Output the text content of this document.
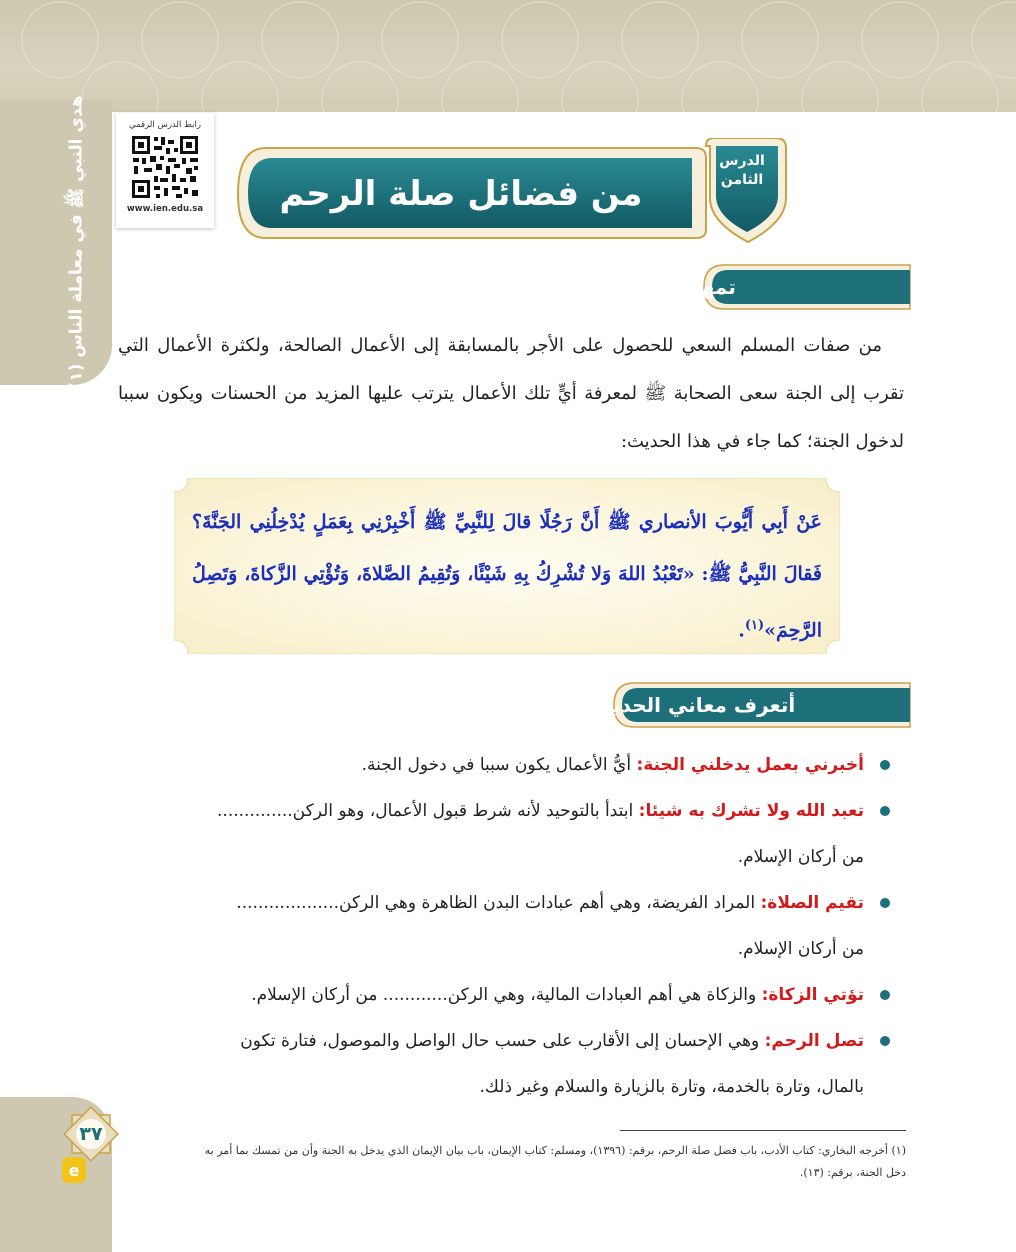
هدي النبي ﷺ في معاملة الناس (١)	رابط الدرس الرقمي
www.ien.edu.sa	من فضائل صلة الرحم
الدرس
الثامن
تمهيد:

من صفات المسلم السعي للحصول على الأجر بالمسابقة إلى الأعمال الصالحة، ولكثرة الأعمال التي تقرب إلى الجنة سعى الصحابة ﷺ لمعرفة أيٍّ تلك الأعمال يترتب عليها المزيد من الحسنات ويكون سببا لدخول الجنة؛ كما جاء في هذا الحديث:

عَنْ أَبِي أَيُّوبَ الأنصاري ﷺ أَنَّ رَجُلًا قالَ لِلنَّبِيِّ ﷺ أَخْبِرْنِي بِعَمَلٍ يُدْخِلُنِي الجَنَّةَ؟ فَقالَ النَّبِيُّ ﷺ: «تَعْبُدُ اللهَ وَلا تُشْرِكُ بِهِ شَيْئًا، وَتُقِيمُ الصَّلاةَ، وَتُؤْتِي الزَّكاةَ، وَتَصِلُ الرَّحِمَ»$^{(١)}$.
أتعرف معاني الحديث:
أخبرني بعمل يدخلني الجنة: أيُّ الأعمال يكون سببا في دخول الجنة.
تعبد الله ولا تشرك به شيئا: ابتدأ بالتوحيد لأنه شرط قبول الأعمال، وهو الركن..............
من أركان الإسلام.
تقيم الصلاة: المراد الفريضة، وهي أهم عبادات البدن الظاهرة وهي الركن...................
من أركان الإسلام.
تؤتي الزكاة: والزكاة هي أهم العبادات المالية، وهي الركن............ من أركان الإسلام.
تصل الرحم: وهي الإحسان إلى الأقارب على حسب حال الواصل والموصول، فتارة تكون
بالمال، وتارة بالخدمة، وتارة بالزيارة والسلام وغير ذلك.

(١) أخرجه البخاري: كتاب الأدب، باب فضل صلة الرحم، برقم: (١٣٩٦)، ومسلم: كتاب الإيمان، باب بيان الإيمان الذي يدخل به الجنة وأن من تمسك بما أمر به

دخل الجنة، برقم: (١٣).

٣٧
e
